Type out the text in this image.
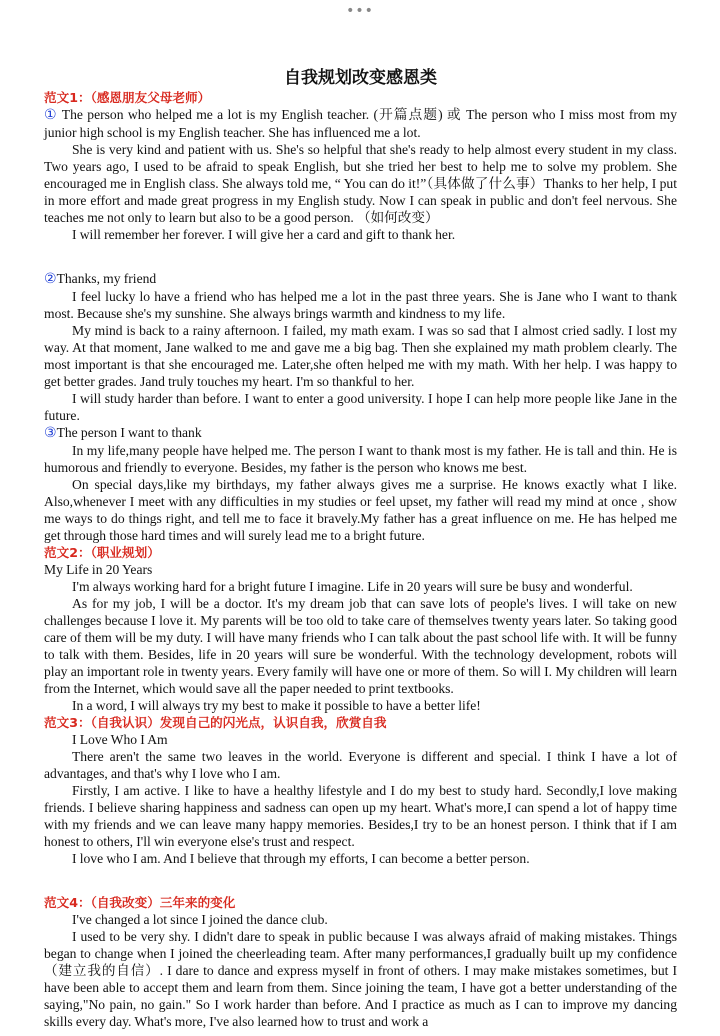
•••
自我规划改变感恩类
范文1：（感恩朋友父母老师）
① The person who helped me a lot is my English teacher. (开篇点题) 或 The person who I miss most from my junior high school is my English teacher. She has influenced me a lot.
She is very kind and patient with us. She's so helpful that she's ready to help almost every student in my class. Two years ago, I used to be afraid to speak English, but she tried her best to help me to solve my problem. She encouraged me in English class. She always told me, “ You can do it!”（具体做了什么事）Thanks to her help, I put in more effort and made great progress in my English study. Now I can speak in public and don't feel nervous. She teaches me not only to learn but also to be a good person. （如何改变）
I will remember her forever. I will give her a card and gift to thank her.
②Thanks, my friend
I feel lucky lo have a friend who has helped me a lot in the past three years. She is Jane who I want to thank most. Because she's my sunshine. She always brings warmth and kindness to my life.
My mind is back to a rainy afternoon. I failed, my math exam. I was so sad that I almost cried sadly. I lost my way. At that moment, Jane walked to me and gave me a big bag. Then she explained my math problem clearly. The most important is that she encouraged me. Later,she often helped me with my math. With her help. I was happy to get better grades. Jand truly touches my heart. I'm so thankful to her.
I will study harder than before. I want to enter a good university. I hope I can help more people like Jane in the future.
③The person I want to thank
In my life,many people have helped me. The person I want to thank most is my father. He is tall and thin. He is humorous and friendly to everyone. Besides, my father is the person who knows me best.
On special days,like my birthdays, my father always gives me a surprise. He knows exactly what I like. Also,whenever I meet with any difficulties in my studies or feel upset, my father will read my mind at once , show me ways to do things right, and tell me to face it bravely.My father has a great influence on me. He has helped me get through those hard times and will surely lead me to a bright future.
范文2：（职业规划）
My Life in 20 Years
I'm always working hard for a bright future I imagine. Life in 20 years will sure be busy and wonderful.
As for my job, I will be a doctor. It's my dream job that can save lots of people's lives. I will take on new challenges because I love it. My parents will be too old to take care of themselves twenty years later. So taking good care of them will be my duty. I will have many friends who I can talk about the past school life with. It will be funny to talk with them. Besides, life in 20 years will sure be wonderful. With the technology development, robots will play an important role in twenty years. Every family will have one or more of them. So will I. My children will learn from the Internet, which would save all the paper needed to print textbooks.
In a word, I will always try my best to make it possible to have a better life!
范文3：（自我认识）发现自己的闪光点，认识自我，欣赏自我
I Love Who I Am
There aren't the same two leaves in the world. Everyone is different and special. I think I have a lot of advantages, and that's why I love who I am.
Firstly, I am active. I like to have a healthy lifestyle and I do my best to study hard. Secondly,I love making friends. I believe sharing happiness and sadness can open up my heart. What's more,I can spend a lot of happy time with my friends and we can leave many happy memories. Besides,I try to be an honest person. I think that if I am honest to others, I'll win everyone else's trust and respect.
I love who I am. And I believe that through my efforts, I can become a better person.
范文4：（自我改变）三年来的变化
I've changed a lot since I joined the dance club.
I used to be very shy. I didn't dare to speak in public because I was always afraid of making mistakes. Things began to change when I joined the cheerleading team. After many performances,I gradually built up my confidence（建立我的自信）. I dare to dance and express myself in front of others. I may make mistakes sometimes, but I have been able to accept them and learn from them. Since joining the team, I have got a better understanding of the saying,"No pain, no gain." So I work harder than before. And I practice as much as I can to improve my dancing skills every day. What's more, I've also learned how to trust and work a
